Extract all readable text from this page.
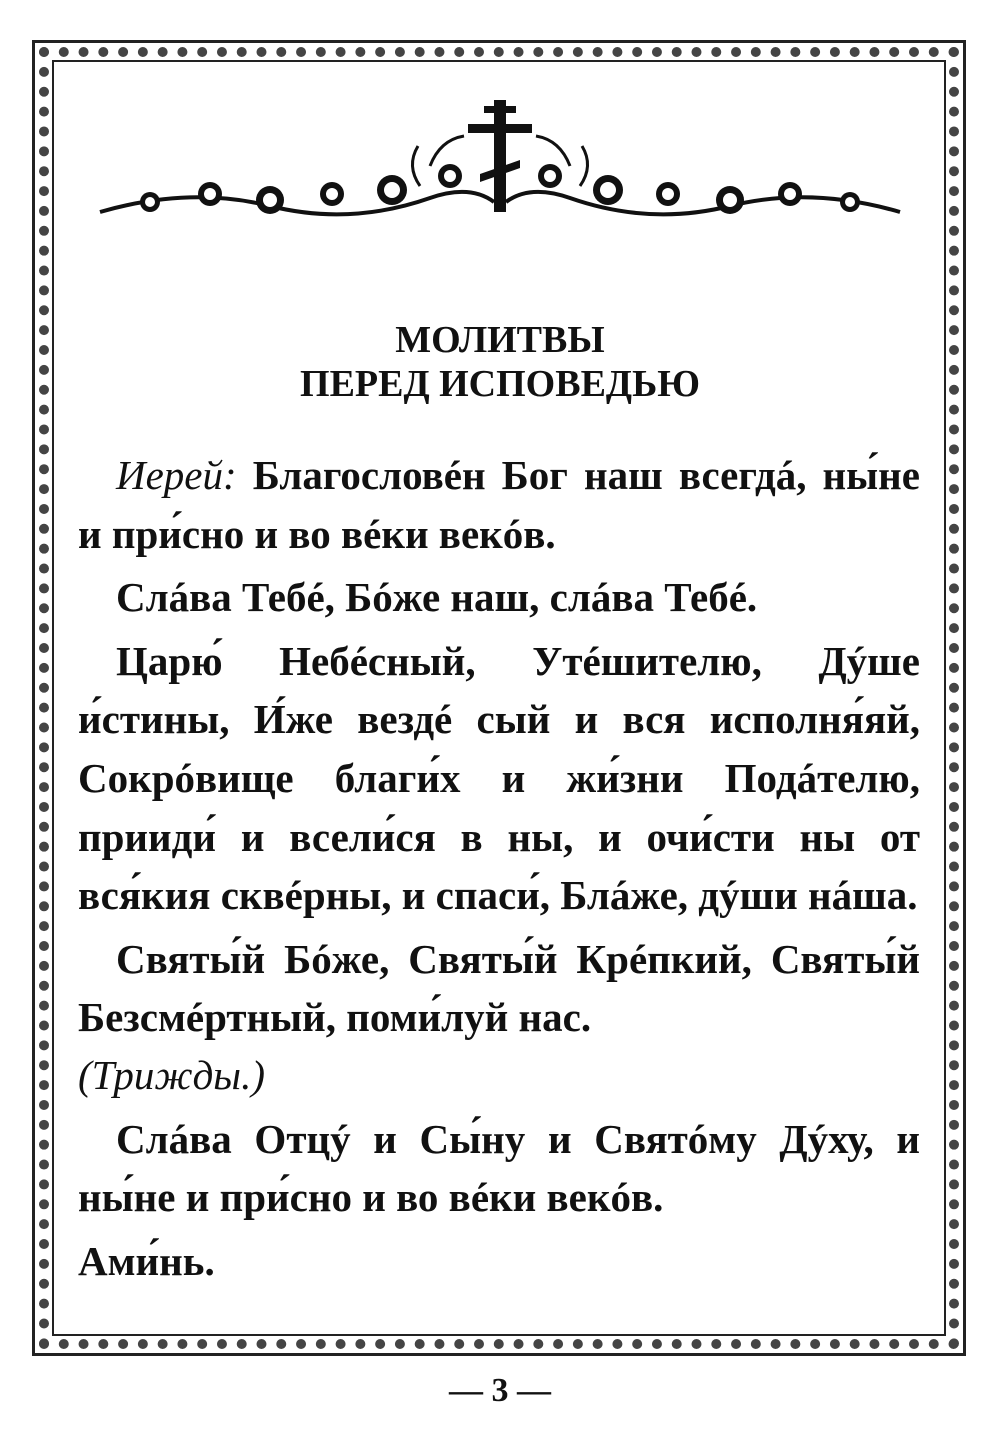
МОЛИТВЫ
ПЕРЕД ИСПОВЕДЬЮ

Иерей: Благословéн Бог наш всегдá, ны́не и при́сно и во вéки векóв.

Слáва Тебé, Бóже наш, слáва Тебé.

Царю́ Небéсный, Утéшителю, Дýше и́стины, И́же вездé сый и вся исполня́яй, Сокрóвище благи́х и жи́зни Подáтелю, прииди́ и всели́ся в ны, и очи́сти ны от вся́кия сквéрны, и спаси́, Блáже, дýши нáша.

Святы́й Бóже, Святы́й Крéпкий, Святы́й Безсмéртный, поми́луй нас.

(Трижды.)

Слáва Отцý и Сы́ну и Святóму Дýху, и ны́не и при́сно и во вéки векóв.

Ами́нь.

— 3 —
